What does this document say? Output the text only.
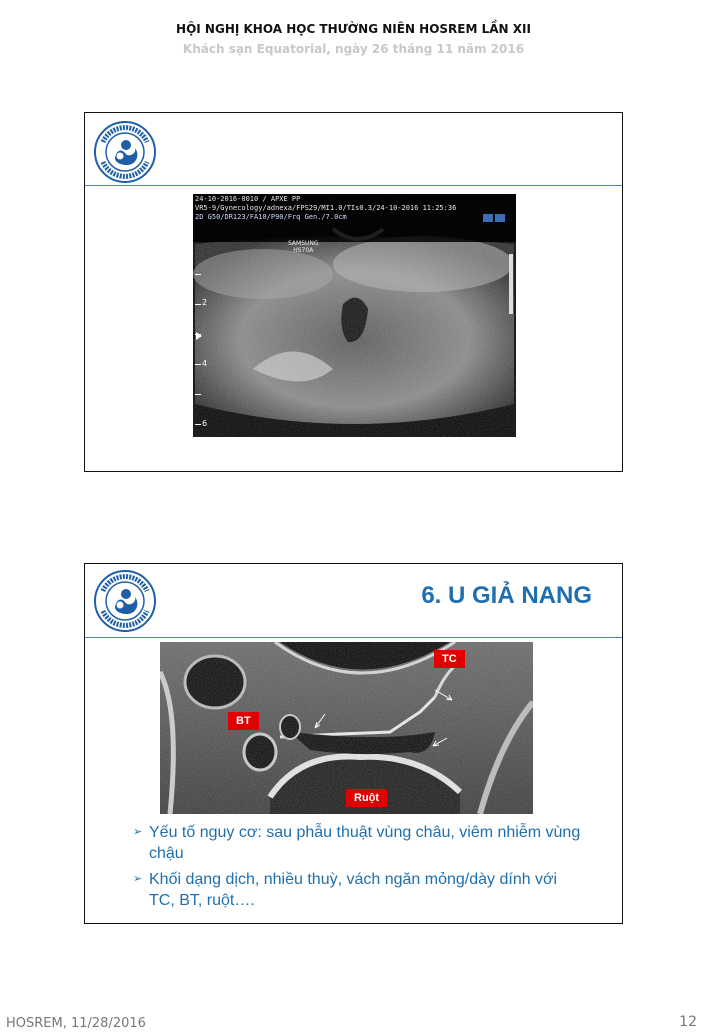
HỘI NGHỊ KHOA HỌC THƯỜNG NIÊN HOSREM LẦN XII
Khách sạn Equatorial, ngày 26 tháng 11 năm 2016
24-10-2016-0010 / APXE PP
VR5-9/Gynecology/adnexa/FPS29/MI1.0/TIs0.3/24-10-2016 11:25:36
2D G50/DR123/FA10/P90/Frq Gen./7.0cm
SAMSUNG
HS70A
2
4
6
6. U GIẢ NANG
BT
TC
Ruột
➢ Yếu tố nguy cơ: sau phẫu thuật vùng châu, viêm nhiễm vùng chậu
➢ Khối dạng dịch, nhiều thuỳ, vách ngăn mỏng/dày dính với TC, BT, ruột….
HOSREM, 11/28/2016	12
